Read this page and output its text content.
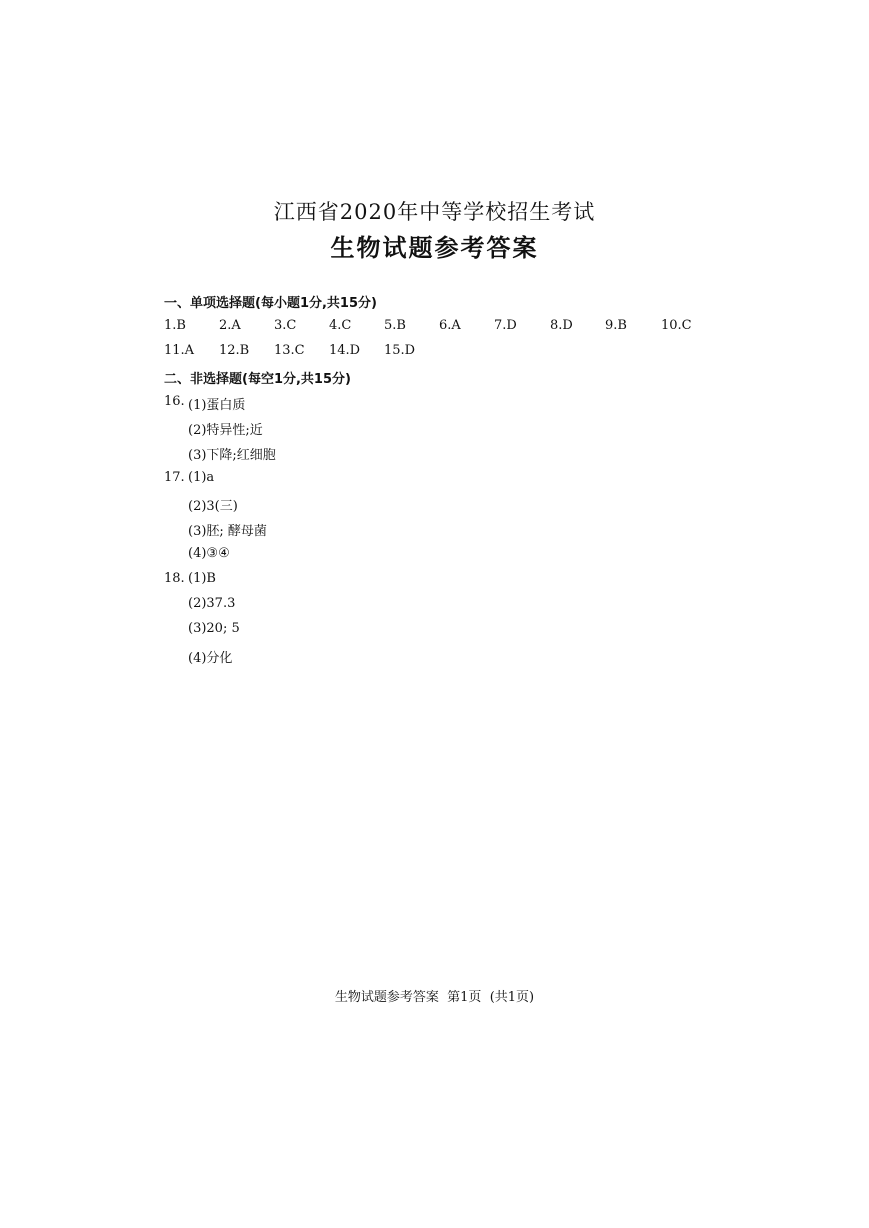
江西省2020年中等学校招生考试
生物试题参考答案
一、单项选择题(每小题1分,共15分)
1.B	2.A	3.C	4.C	5.B	6.A	7.D	8.D 9.B	10.C
11.A 12.B 13.C 14.D 15.D
二、非选择题(每空1分,共15分)
16. (1)蛋白质
(2)特异性;近
(3)下降;红细胞
17. (1)a
(2)3(三)
(3)胚; 酵母菌
(4)③④
18. (1)B
(2)37.3
(3)20; 5
(4)分化
生物试题参考答案  第1页  (共1页)
